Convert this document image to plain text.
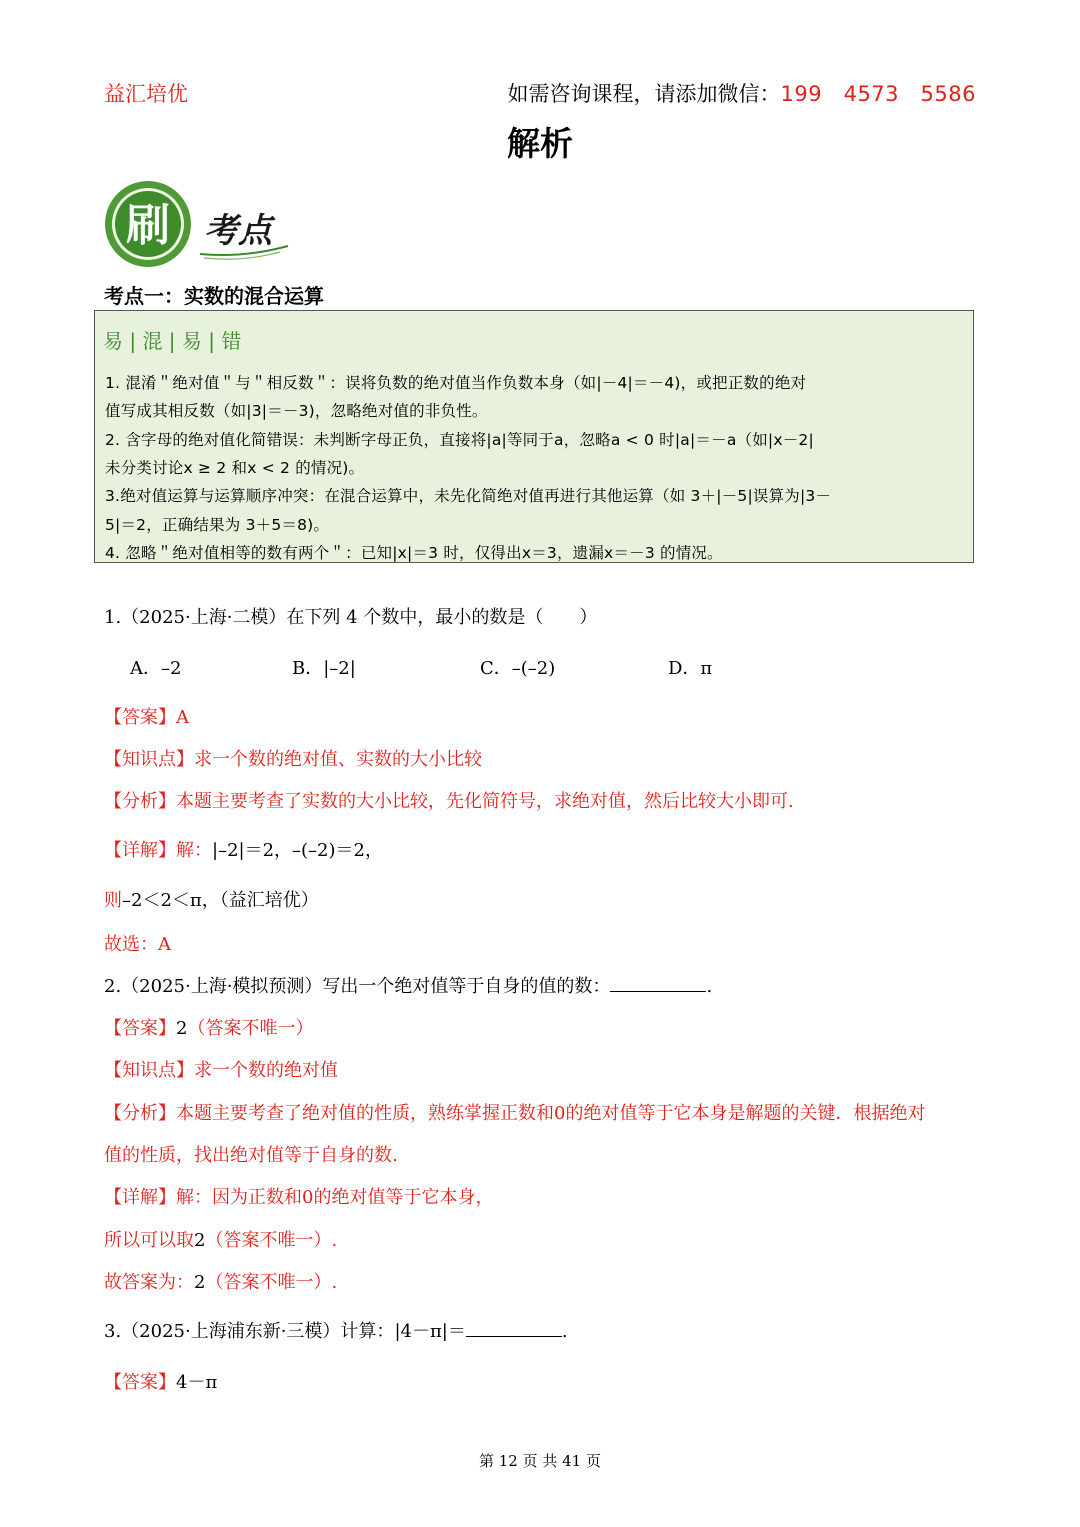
益汇培优	如需咨询课程，请添加微信：199   4573   5586
解析
刷 考点
考点一：实数的混合运算
易 | 混 | 易 | 错
1. 混淆＂绝对值＂与＂相反数＂：误将负数的绝对值当作负数本身（如|－4|＝－4)，或把正数的绝对
值写成其相反数（如|3|＝－3)，忽略绝对值的非负性。
2. 含字母的绝对值化简错误：未判断字母正负，直接将|a|等同于a，忽略a < 0 时|a|＝－a（如|x－2|
未分类讨论x ≥ 2 和x < 2 的情况)。
3.绝对值运算与运算顺序冲突：在混合运算中，未先化简绝对值再进行其他运算（如 3＋|－5|误算为|3－
5|＝2，正确结果为 3＋5＝8)。
4. 忽略＂绝对值相等的数有两个＂：已知|x|＝3 时，仅得出x＝3，遗漏x＝－3 的情况。
1.（2025·上海·二模）在下列 4 个数中，最小的数是（　　）
A．–2	B．|–2|	C．–(–2)	D．π
【答案】A
【知识点】求一个数的绝对值、实数的大小比较
【分析】本题主要考查了实数的大小比较，先化简符号，求绝对值，然后比较大小即可.
【详解】解：|–2|＝2，–(–2)＝2，
则–2＜2＜π，（益汇培优）
故选：A
2.（2025·上海·模拟预测）写出一个绝对值等于自身的值的数：	.
【答案】2（答案不唯一）
【知识点】求一个数的绝对值
【分析】本题主要考查了绝对值的性质，熟练掌握正数和0的绝对值等于它本身是解题的关键．根据绝对
值的性质，找出绝对值等于自身的数.
【详解】解：因为正数和0的绝对值等于它本身，
所以可以取2（答案不唯一）.
故答案为：2（答案不唯一）.
3.（2025·上海浦东新·三模）计算：|4－π|＝	.
【答案】4－π
第 12 页 共 41 页
